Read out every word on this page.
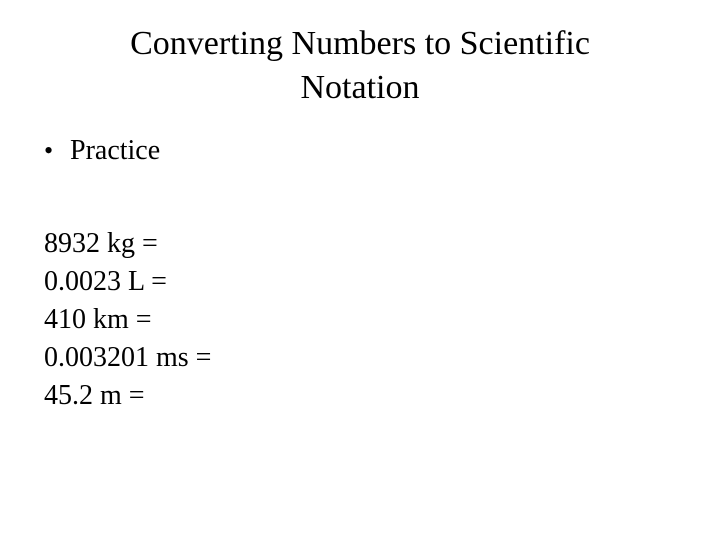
Converting Numbers to Scientific
Notation
• Practice
8932 kg =
0.0023 L =
410 km =
0.003201 ms =
45.2 m =
